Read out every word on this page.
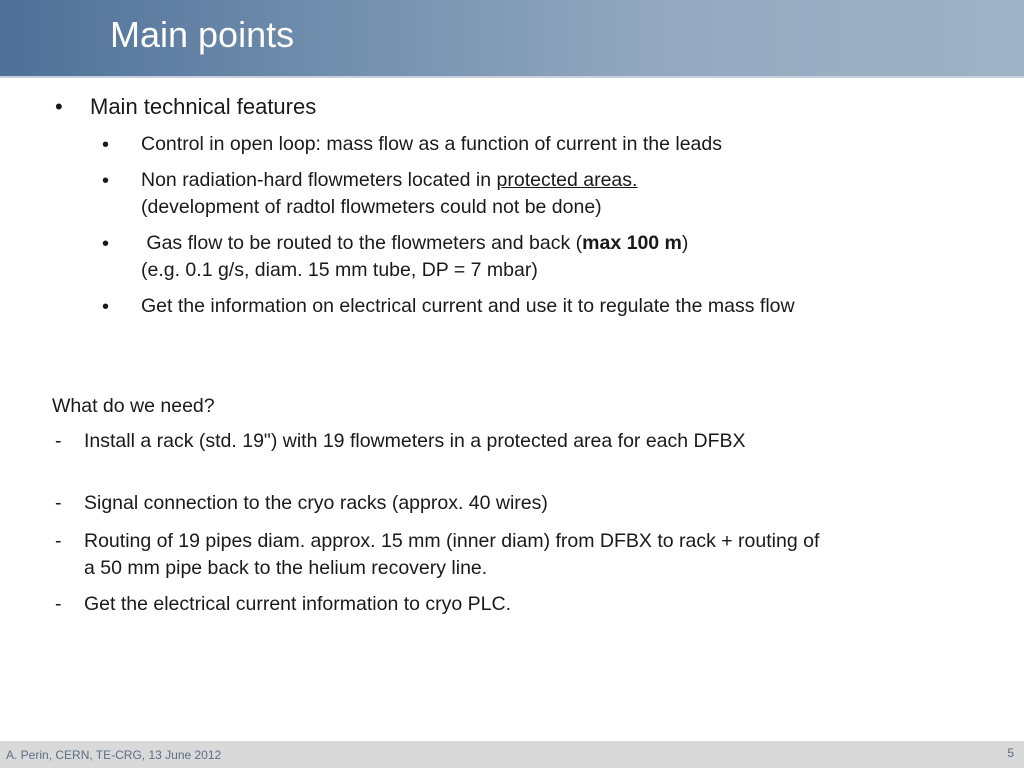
Main points
• Main technical features
• Control in open loop: mass flow as a function of current in the leads
• Non radiation-hard flowmeters located in protected areas.
(development of radtol flowmeters could not be done)
• Gas flow to be routed to the flowmeters and back (max 100 m)
(e.g. 0.1 g/s, diam. 15 mm tube, DP = 7 mbar)
• Get the information on electrical current and use it to regulate the mass flow
What do we need?
- Install a rack (std. 19") with 19 flowmeters in a protected area for each DFBX
- Signal connection to the cryo racks (approx. 40 wires)
- Routing of 19 pipes diam. approx. 15 mm (inner diam) from DFBX to rack + routing of a 50 mm pipe back to the helium recovery line.
- Get the electrical current information to cryo PLC.
A. Perin, CERN, TE-CRG, 13 June 2012	5
